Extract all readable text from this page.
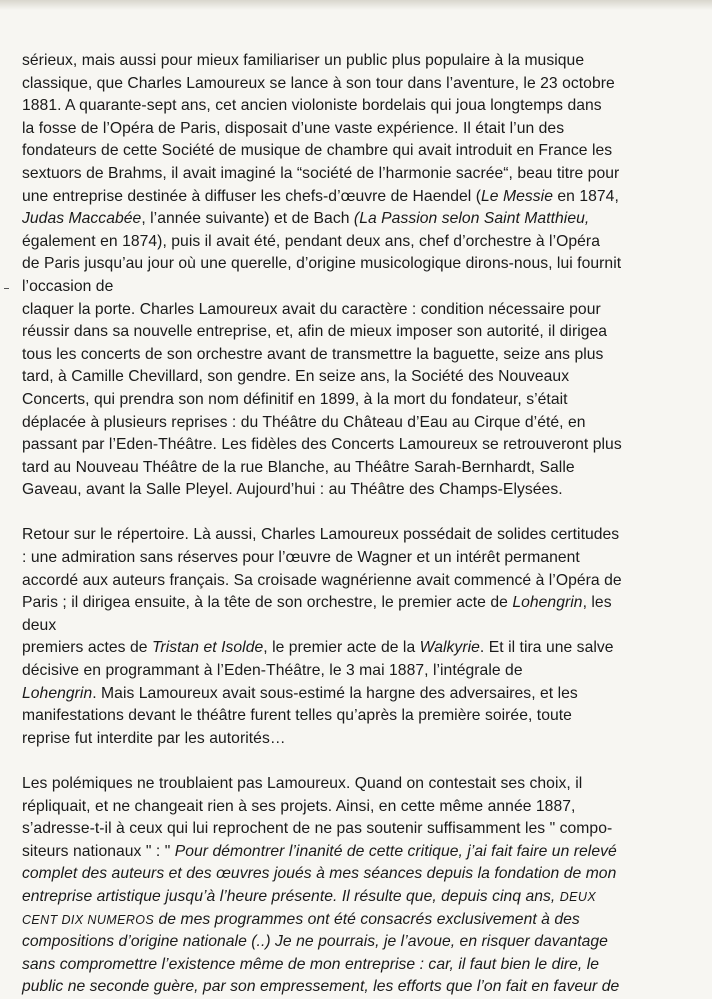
sérieux, mais aussi pour mieux familiariser un public plus populaire à la musique
classique, que Charles Lamoureux se lance à son tour dans l’aventure, le 23 octobre
1881. A quarante-sept ans, cet ancien violoniste bordelais qui joua longtemps dans
la fosse de l’Opéra de Paris, disposait d’une vaste expérience. Il était l’un des
fondateurs de cette Société de musique de chambre qui avait introduit en France les
sextuors de Brahms, il avait imaginé la “société de l’harmonie sacrée“, beau titre pour
une entreprise destinée à diffuser les chefs-d’œuvre de Haendel (Le Messie en 1874,
Judas Maccabée, l’année suivante) et de Bach (La Passion selon Saint Matthieu,
également en 1874), puis il avait été, pendant deux ans, chef d’orchestre à l’Opéra
de Paris jusqu’au jour où une querelle, d’origine musicologique dirons-nous, lui fournit
l’occasion de
claquer la porte. Charles Lamoureux avait du caractère : condition nécessaire pour
réussir dans sa nouvelle entreprise, et, afin de mieux imposer son autorité, il dirigea
tous les concerts de son orchestre avant de transmettre la baguette, seize ans plus
tard, à Camille Chevillard, son gendre. En seize ans, la Société des Nouveaux
Concerts, qui prendra son nom définitif en 1899, à la mort du fondateur, s’était
déplacée à plusieurs reprises : du Théâtre du Château d’Eau au Cirque d’été, en
passant par l’Eden-Théâtre. Les fidèles des Concerts Lamoureux se retrouveront plus
tard au Nouveau Théâtre de la rue Blanche, au Théâtre Sarah-Bernhardt, Salle
Gaveau, avant la Salle Pleyel. Aujourd’hui : au Théâtre des Champs-Elysées.

Retour sur le répertoire. Là aussi, Charles Lamoureux possédait de solides certitudes
: une admiration sans réserves pour l’œuvre de Wagner et un intérêt permanent
accordé aux auteurs français. Sa croisade wagnérienne avait commencé à l’Opéra de
Paris ; il dirigea ensuite, à la tête de son orchestre, le premier acte de Lohengrin, les
deux
premiers actes de Tristan et Isolde, le premier acte de la Walkyrie. Et il tira une salve
décisive en programmant à l’Eden-Théâtre, le 3 mai 1887, l’intégrale de
Lohengrin. Mais Lamoureux avait sous-estimé la hargne des adversaires, et les
manifestations devant le théâtre furent telles qu’après la première soirée, toute
reprise fut interdite par les autorités…

Les polémiques ne troublaient pas Lamoureux. Quand on contestait ses choix, il
répliquait, et ne changeait rien à ses projets. Ainsi, en cette même année 1887,
s’adresse-t-il à ceux qui lui reprochent de ne pas soutenir suffisamment les " compo-
siteurs nationaux " : " Pour démontrer l’inanité de cette critique, j’ai fait faire un relevé
complet des auteurs et des œuvres joués à mes séances depuis la fondation de mon
entreprise artistique jusqu’à l’heure présente. Il résulte que, depuis cinq ans, DEUX
CENT DIX NUMEROS de mes programmes ont été consacrés exclusivement à des
compositions d’origine nationale (..) Je ne pourrais, je l’avoue, en risquer davantage
sans compromettre l’existence même de mon entreprise : car, il faut bien le dire, le
public ne seconde guère, par son empressement, les efforts que l’on fait en faveur de
